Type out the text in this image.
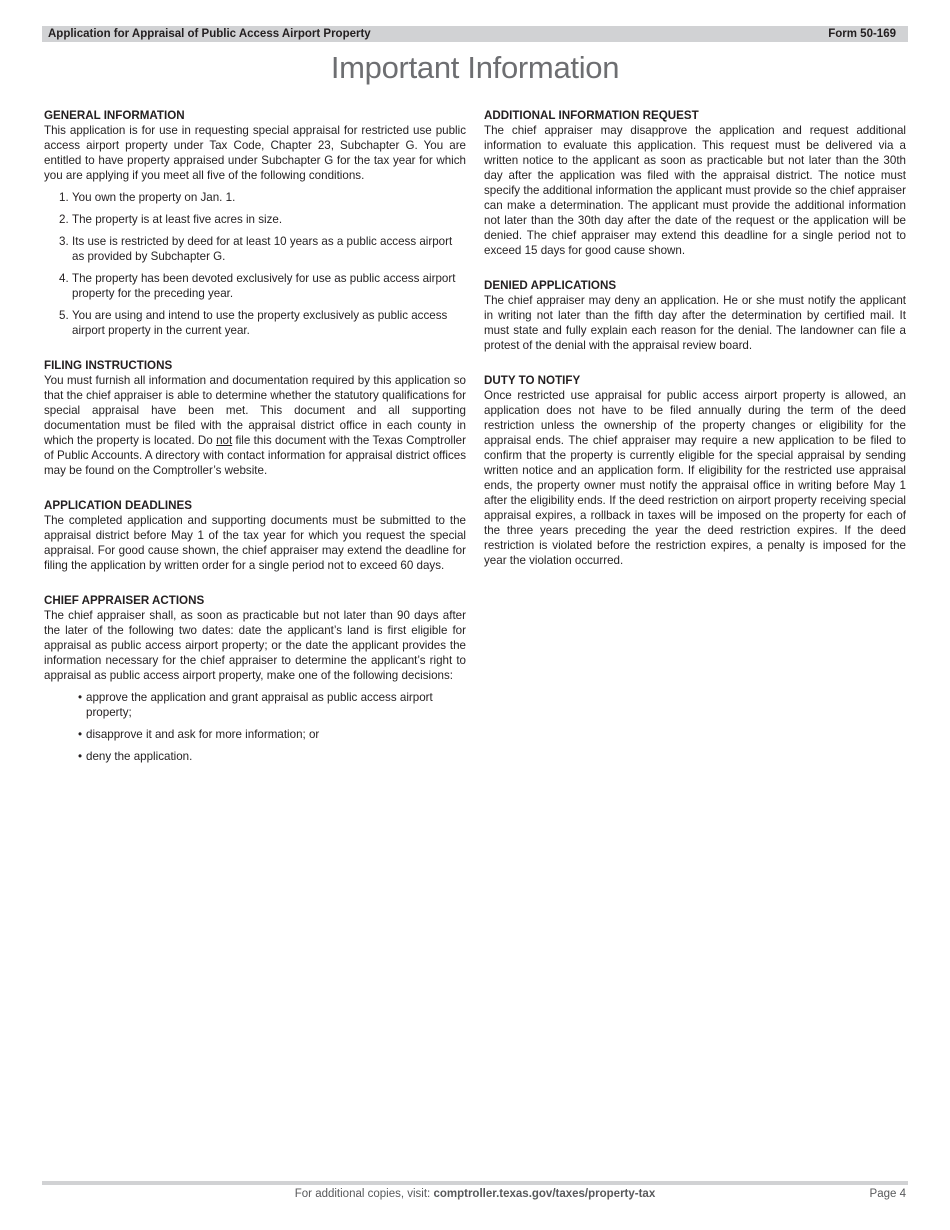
Application for Appraisal of Public Access Airport Property	Form 50-169
Important Information
GENERAL INFORMATION

This application is for use in requesting special appraisal for restricted use public access airport property under Tax Code, Chapter 23, Subchapter G. You are entitled to have property appraised under Subchapter G for the tax year for which you are applying if you meet all five of the following conditions.

1. You own the property on Jan. 1.
2. The property is at least five acres in size.
3. Its use is restricted by deed for at least 10 years as a public access airport as provided by Subchapter G.
4. The property has been devoted exclusively for use as public access airport property for the preceding year.
5. You are using and intend to use the property exclusively as public access airport property in the current year.
FILING INSTRUCTIONS

You must furnish all information and documentation required by this application so that the chief appraiser is able to determine whether the statutory qualifications for special appraisal have been met. This document and all supporting documentation must be filed with the appraisal district office in each county in which the property is located. Do not file this document with the Texas Comptroller of Public Accounts. A directory with contact information for appraisal district offices may be found on the Comptroller’s website.

APPLICATION DEADLINES

The completed application and supporting documents must be submitted to the appraisal district before May 1 of the tax year for which you request the special appraisal. For good cause shown, the chief appraiser may extend the deadline for filing the application by written order for a single period not to exceed 60 days.

CHIEF APPRAISER ACTIONS

The chief appraiser shall, as soon as practicable but not later than 90 days after the later of the following two dates: date the applicant’s land is first eligible for appraisal as public access airport property; or the date the applicant provides the information necessary for the chief appraiser to determine the applicant’s right to appraisal as public access airport property, make one of the following decisions:

• approve the application and grant appraisal as public access airport property;
• disapprove it and ask for more information; or
• deny the application.
ADDITIONAL INFORMATION REQUEST

The chief appraiser may disapprove the application and request additional information to evaluate this application. This request must be delivered via a written notice to the applicant as soon as practicable but not later than the 30th day after the application was filed with the appraisal district. The notice must specify the additional information the applicant must provide so the chief appraiser can make a determination. The applicant must provide the additional information not later than the 30th day after the date of the request or the application will be denied. The chief appraiser may extend this deadline for a single period not to exceed 15 days for good cause shown.

DENIED APPLICATIONS

The chief appraiser may deny an application. He or she must notify the applicant in writing not later than the fifth day after the determination by certified mail. It must state and fully explain each reason for the denial. The landowner can file a protest of the denial with the appraisal review board.

DUTY TO NOTIFY

Once restricted use appraisal for public access airport property is allowed, an application does not have to be filed annually during the term of the deed restriction unless the ownership of the property changes or eligibility for the appraisal ends. The chief appraiser may require a new application to be filed to confirm that the property is currently eligible for the special appraisal by sending written notice and an application form. If eligibility for the restricted use appraisal ends, the property owner must notify the appraisal office in writing before May 1 after the eligibility ends. If the deed restriction on airport property receiving special appraisal expires, a rollback in taxes will be imposed on the property for each of the three years preceding the year the deed restriction expires. If the deed restriction is violated before the restriction expires, a penalty is imposed for the year the violation occurred.

For additional copies, visit: comptroller.texas.gov/taxes/property-tax	Page 4
